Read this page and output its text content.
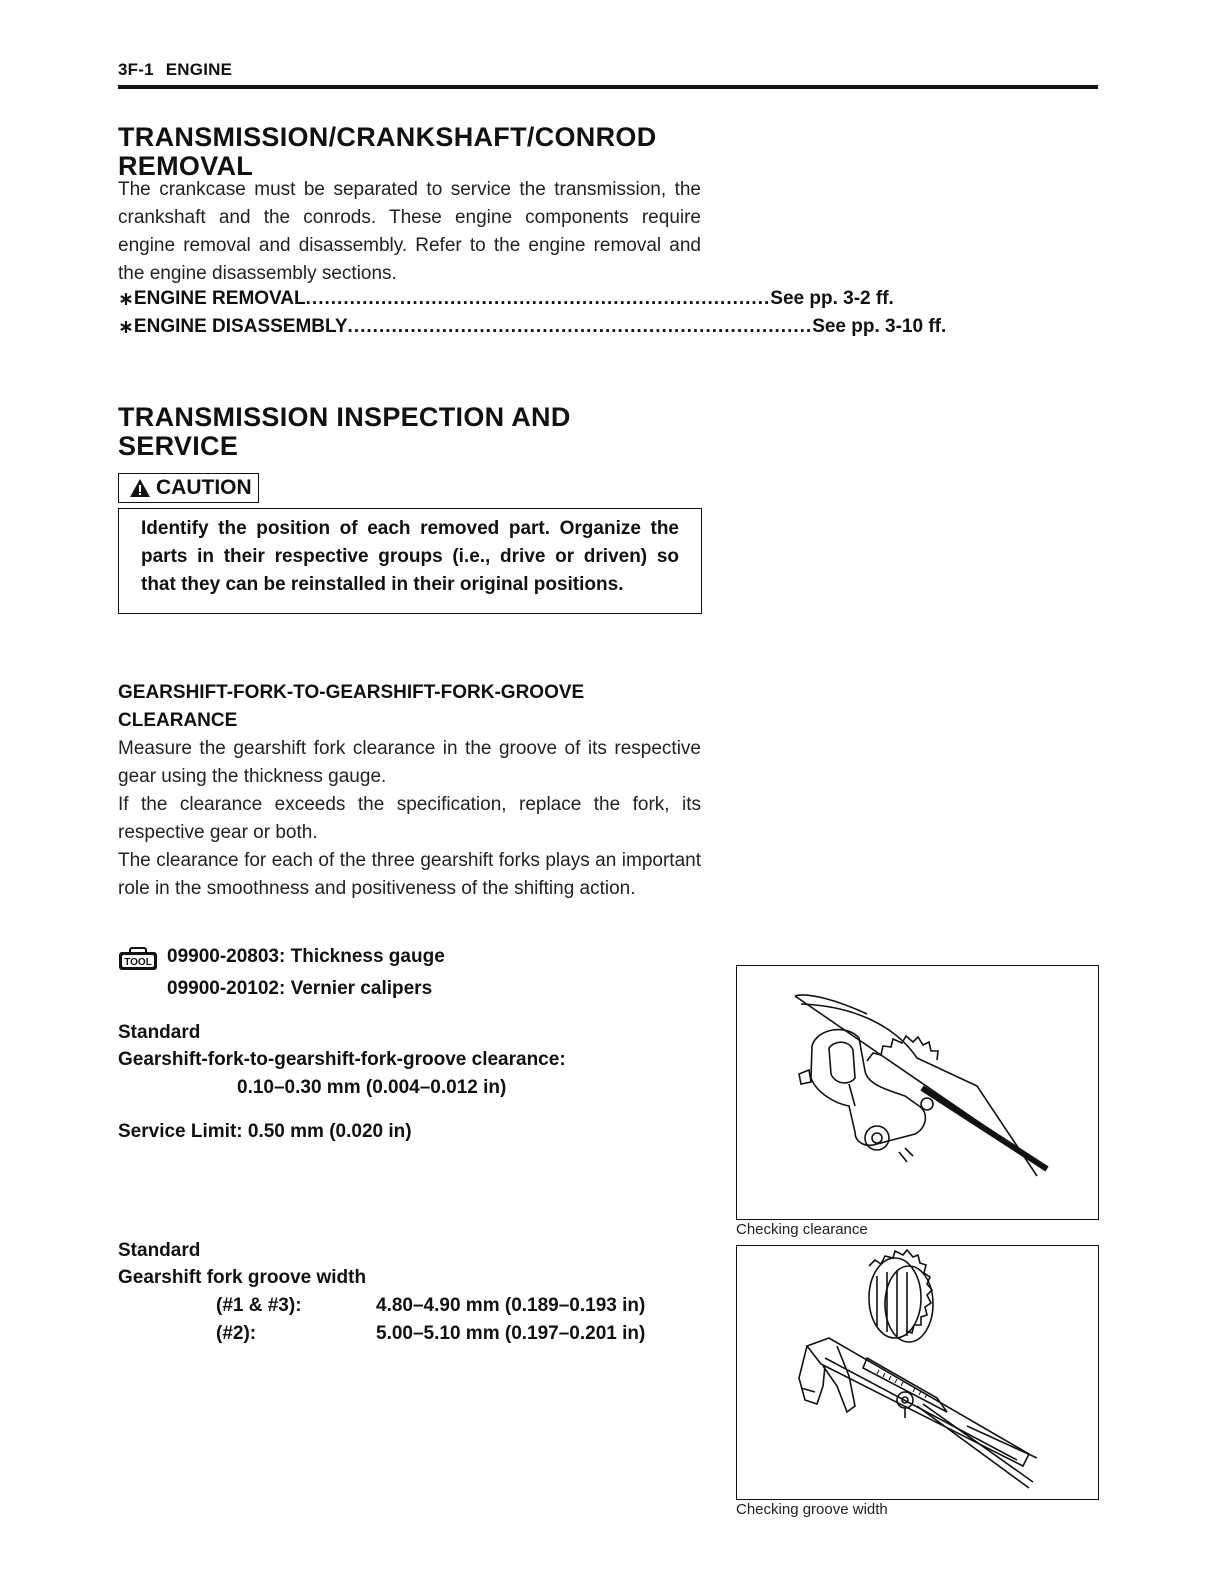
3F-1 ENGINE
TRANSMISSION/CRANKSHAFT/CONROD
REMOVAL
The crankcase must be separated to service the transmission, the crankshaft and the conrods. These engine components require engine removal and disassembly. Refer to the engine removal and the engine disassembly sections.
∗ ENGINE REMOVAL .......................................................................... See pp. 3-2 ff.
∗ ENGINE DISASSEMBLY .......................................................................... See pp. 3-10 ff.
TRANSMISSION INSPECTION AND
SERVICE
CAUTION
Identify the position of each removed part. Organize the parts in their respective groups (i.e., drive or driven) so that they can be reinstalled in their original positions.
GEARSHIFT-FORK-TO-GEARSHIFT-FORK-GROOVE
CLEARANCE
Measure the gearshift fork clearance in the groove of its respective gear using the thickness gauge.
If the clearance exceeds the specification, replace the fork, its respective gear or both.
The clearance for each of the three gearshift forks plays an important role in the smoothness and positiveness of the shifting action.
TOOL 09900-20803: Thickness gauge
09900-20102: Vernier calipers
Standard
Gearshift-fork-to-gearshift-fork-groove clearance:
0.10–0.30 mm (0.004–0.012 in)
Service Limit: 0.50 mm (0.020 in)
Standard
Gearshift fork groove width
(#1 & #3):	4.80–4.90 mm (0.189–0.193 in)
(#2):	5.00–5.10 mm (0.197–0.201 in)
Checking clearance
Checking groove width
